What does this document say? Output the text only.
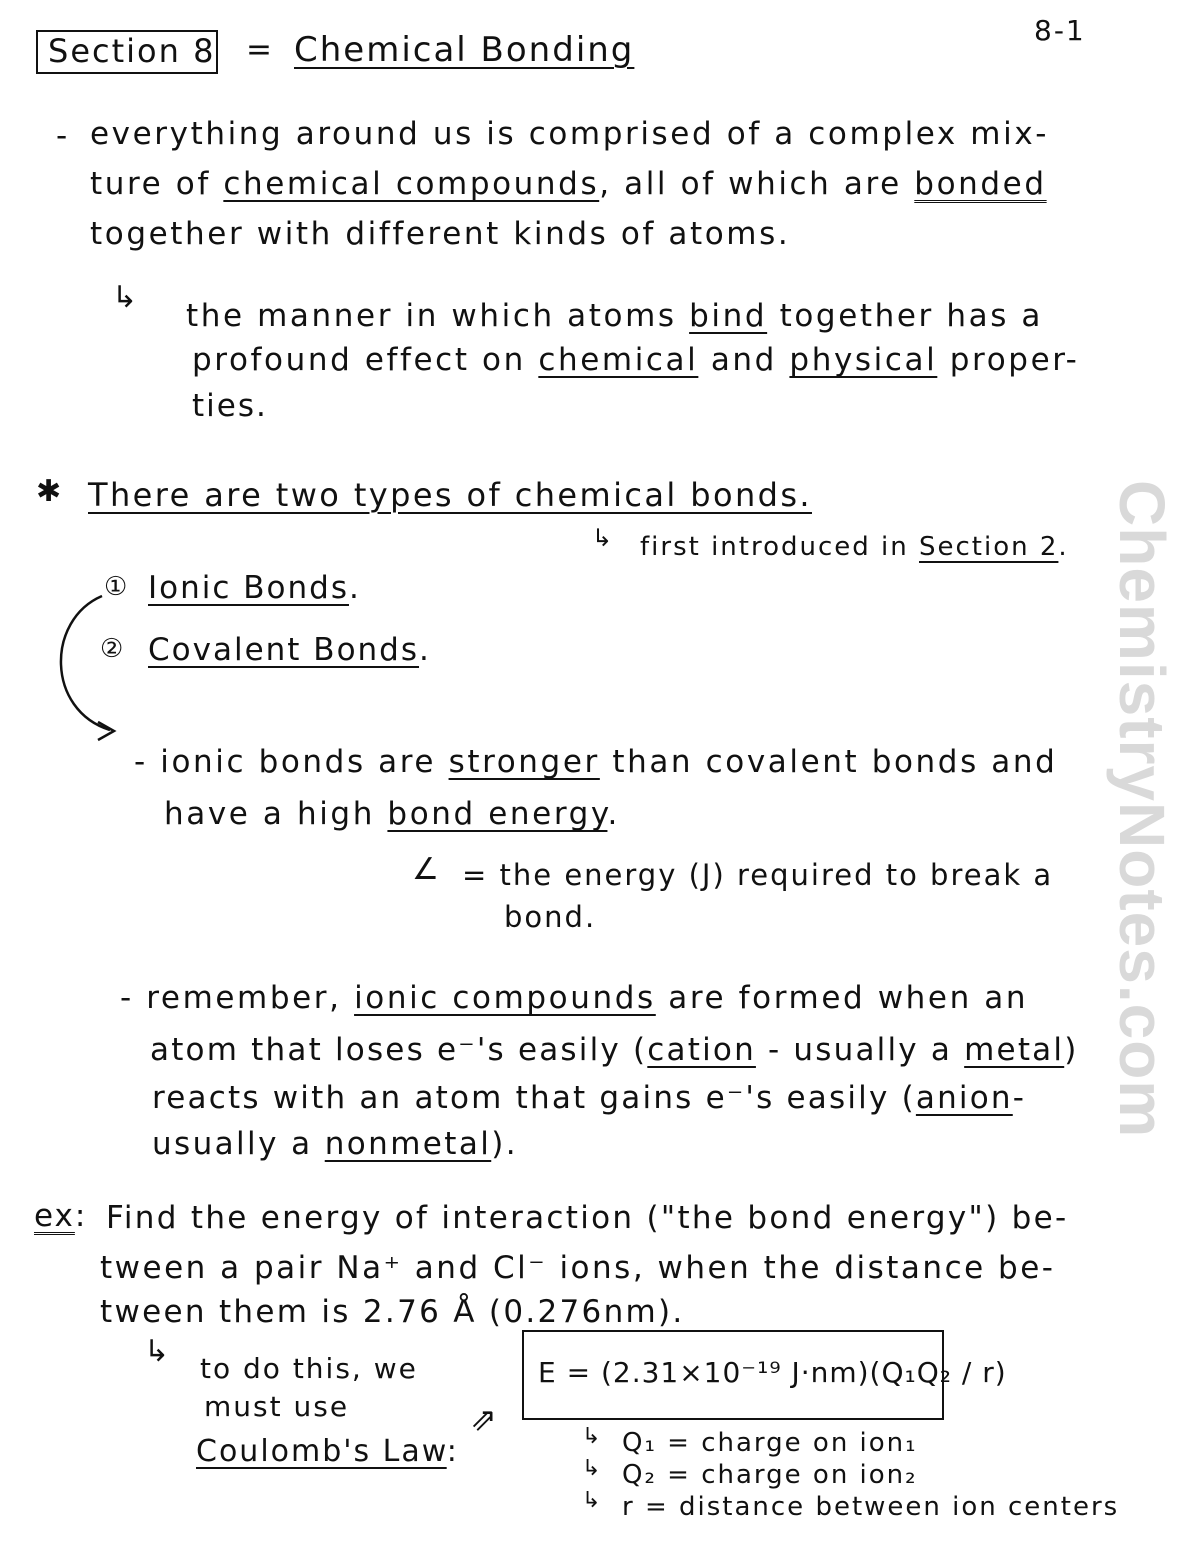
ChemistryNotes.com
Section 8 = Chemical Bonding	8-1
- everything around us is comprised of a complex mix-
ture of chemical compounds, all of which are bonded
together with different kinds of atoms.
↳
the manner in which atoms bind together has a
profound effect on chemical and physical proper-
ties.
✱ There are two types of chemical bonds.
↳ first introduced in Section 2.
① Ionic Bonds.
② Covalent Bonds.
- ionic bonds are stronger than covalent bonds and
have a high bond energy.
∠ = the energy (J) required to break a
bond.
- remember, ionic compounds are formed when an
atom that loses e⁻'s easily (cation - usually a metal)
reacts with an atom that gains e⁻'s easily (anion-
usually a nonmetal).
ex: Find the energy of interaction ("the bond energy") be-
tween a pair Na⁺ and Cl⁻ ions, when the distance be-
tween them is 2.76 Å (0.276nm).
↳ to do this, we
must use
Coulomb's Law:
⇗
E = (2.31×10⁻¹⁹ J·nm)(Q₁Q₂ / r)
↳ Q₁ = charge on ion₁
↳ Q₂ = charge on ion₂
↳ r = distance between ion centers
